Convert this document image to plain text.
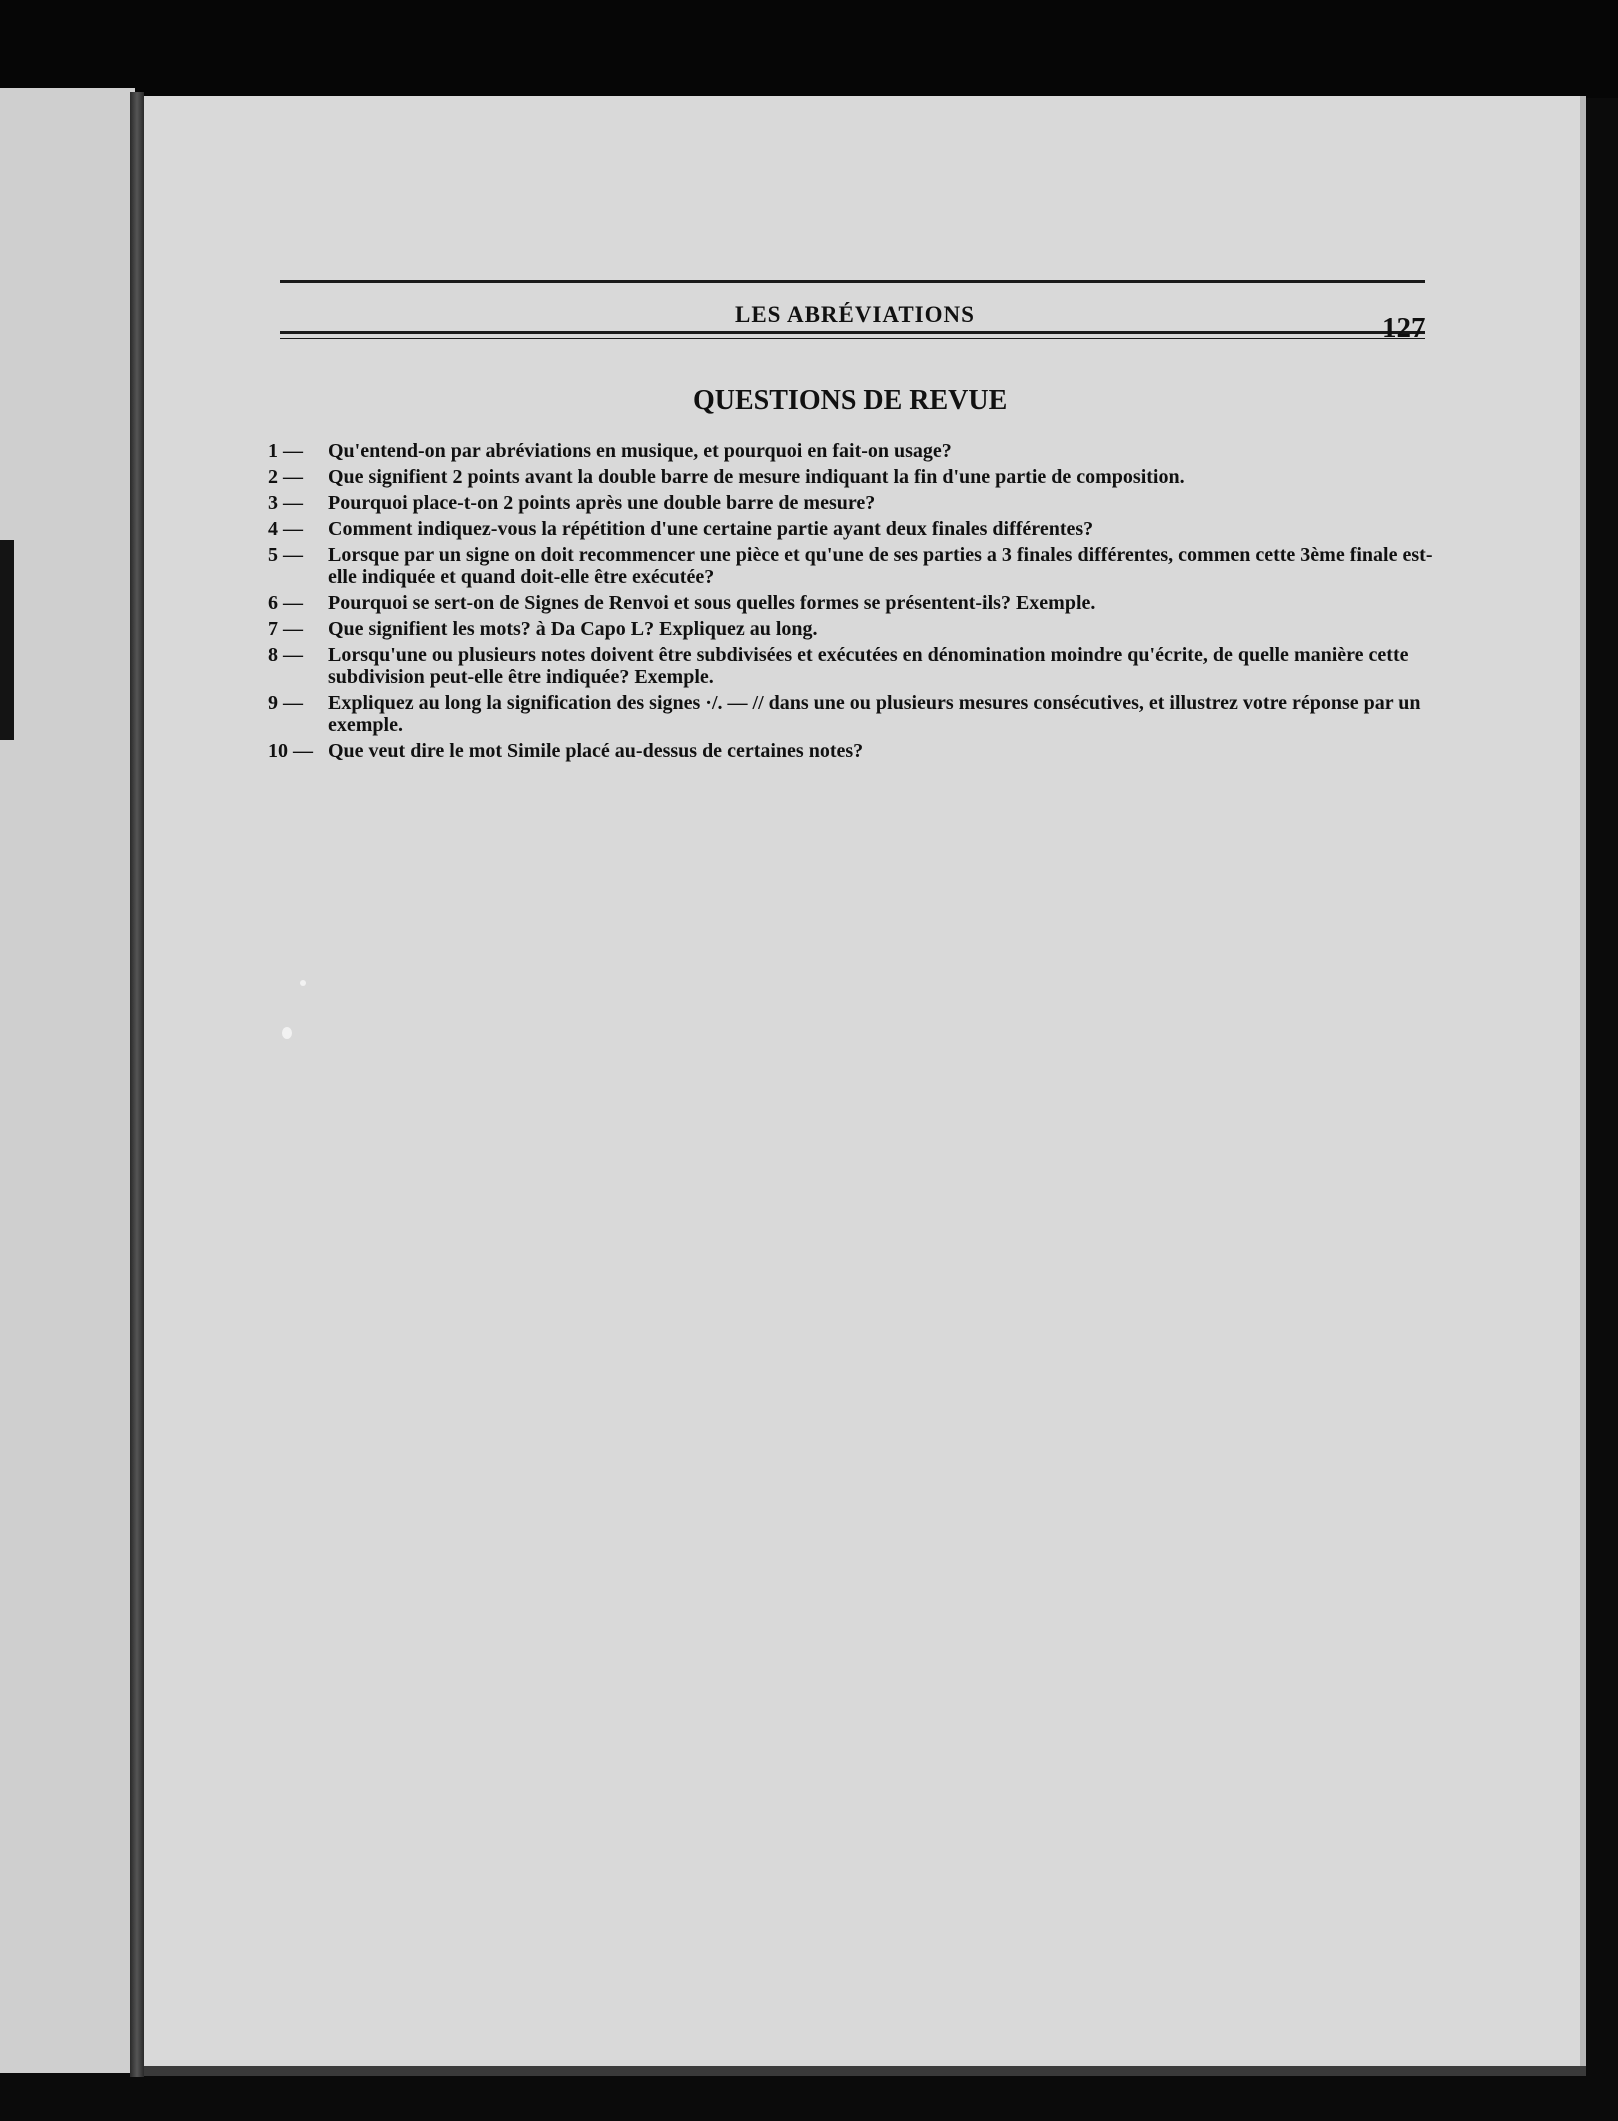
LES ABRÉVIATIONS	127
QUESTIONS DE REVUE
1 —	Qu'entend-on par abréviations en musique, et pourquoi en fait-on usage?
2 —	Que signifient 2 points avant la double barre de mesure indiquant la fin d'une partie de composition.
3 —	Pourquoi place-t-on 2 points après une double barre de mesure?
4 —	Comment indiquez-vous la répétition d'une certaine partie ayant deux finales différentes?
5 —	Lorsque par un signe on doit recommencer une pièce et qu'une de ses parties a 3 finales différentes, commen cette 3ème finale est-elle indiquée et quand doit-elle être exécutée?
6 —	Pourquoi se sert-on de Signes de Renvoi et sous quelles formes se présentent-ils? Exemple.
7 —	Que signifient les mots? à Da Capo L? Expliquez au long.
8 —	Lorsqu'une ou plusieurs notes doivent être subdivisées et exécutées en dénomination moindre qu'écrite, de quelle manière cette subdivision peut-elle être indiquée? Exemple.
9 —	Expliquez au long la signification des signes ·/. — // dans une ou plusieurs mesures consécutives, et illustrez votre réponse par un exemple.
10 — Que veut dire le mot Simile placé au-dessus de certaines notes?
